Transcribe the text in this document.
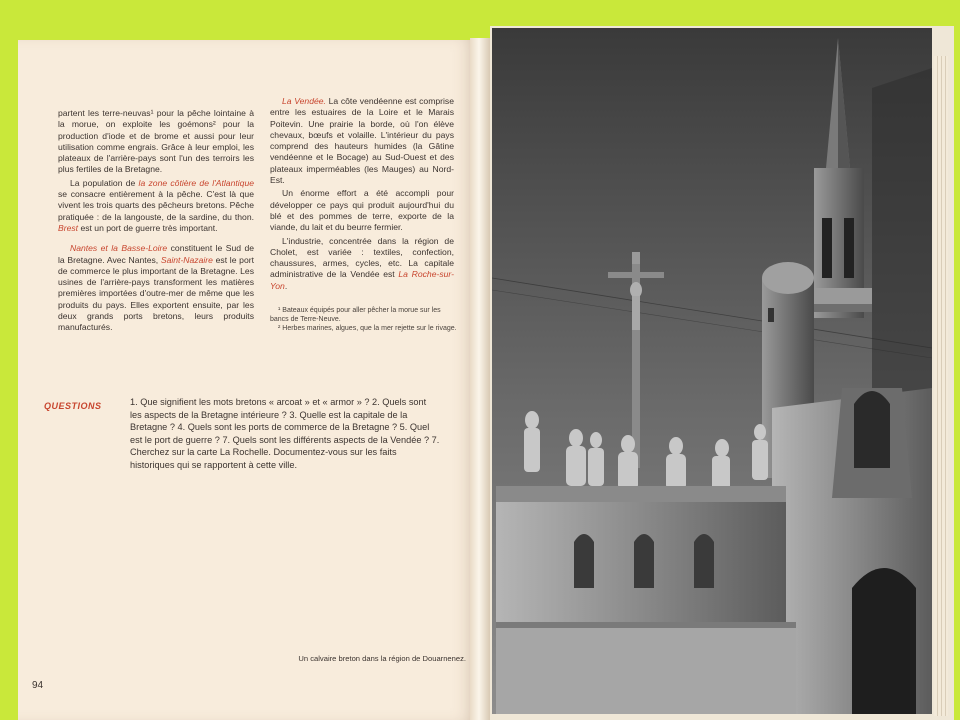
partent les terre-neuvas¹ pour la pêche lointaine à la morue, on exploite les goémons² pour la production d'iode et de brome et aussi pour leur utilisation comme engrais. Grâce à leur emploi, les plateaux de l'arrière-pays sont l'un des terroirs les plus fertiles de la Bretagne.

La population de la zone côtière de l'Atlantique se consacre entièrement à la pêche. C'est là que vivent les trois quarts des pêcheurs bretons. Pêche pratiquée : de la langouste, de la sardine, du thon. Brest est un port de guerre très important.

Nantes et la Basse-Loire constituent le Sud de la Bretagne. Avec Nantes, Saint-Nazaire est le port de commerce le plus important de la Bretagne. Les usines de l'arrière-pays transforment les matières premières importées d'outre-mer de même que les produits du pays. Elles exportent ensuite, par les deux grands ports bretons, leurs produits manufacturés.

La Vendée. La côte vendéenne est comprise entre les estuaires de la Loire et le Marais Poitevin. Une prairie la borde, où l'on élève chevaux, bœufs et volaille. L'intérieur du pays comprend des hauteurs humides (la Gâtine vendéenne et le Bocage) au Sud-Ouest et des plateaux imperméables (les Mauges) au Nord-Est.

Un énorme effort a été accompli pour développer ce pays qui produit aujourd'hui du blé et des pommes de terre, exporte de la viande, du lait et du beurre fermier.

L'industrie, concentrée dans la région de Cholet, est variée : textiles, confection, chaussures, armes, cycles, etc. La capitale administrative de la Vendée est La Roche-sur-Yon.

¹ Bateaux équipés pour aller pêcher la morue sur les bancs de Terre-Neuve.

² Herbes marines, algues, que la mer rejette sur le rivage.

QUESTIONS	1. Que signifient les mots bretons « arcoat » et « armor » ? 2. Quels sont les aspects de la Bretagne intérieure ? 3. Quelle est la capitale de la Bretagne ? 4. Quels sont les ports de commerce de la Bretagne ? 5. Quel est le port de guerre ? 7. Quels sont les différents aspects de la Vendée ? 7. Cherchez sur la carte La Rochelle. Documentez-vous sur les faits historiques qui se rapportent à cette ville.
Un calvaire breton dans la région de Douarnenez.
94
